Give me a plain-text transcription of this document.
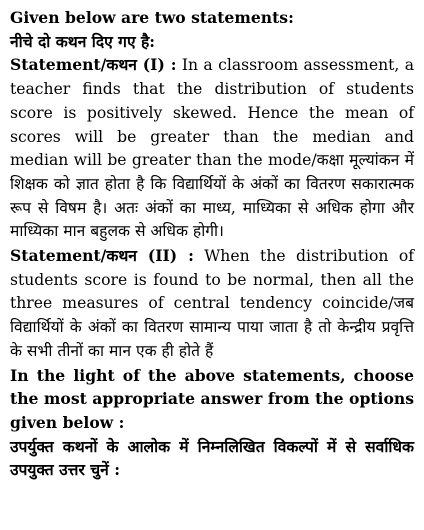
Given below are two statements:

नीचे दो कथन दिए गए है:

Statement/कथन (I) : In a classroom assessment, a teacher finds that the distribution of students score is positively skewed. Hence the mean of scores will be greater than the median and median will be greater than the mode/कक्षा मूल्यांकन में शिक्षक को ज्ञात होता है कि विद्यार्थियों के अंकों का वितरण सकारात्मक रूप से विषम है। अतः अंकों का माध्य, माध्यिका से अधिक होगा और माध्यिका मान बहुलक से अधिक होगी।

Statement/कथन (II) : When the distribution of students score is found to be normal, then all the three measures of central tendency coincide/जब विद्यार्थियों के अंकों का वितरण सामान्य पाया जाता है तो केन्द्रीय प्रवृत्ति के सभी तीनों का मान एक ही होते हैं

In the light of the above statements, choose the most appropriate answer from the options given below :

उपर्युक्त कथनों के आलोक में निम्नलिखित विकल्पों में से सर्वाधिक उपयुक्त उत्तर चुनें :
